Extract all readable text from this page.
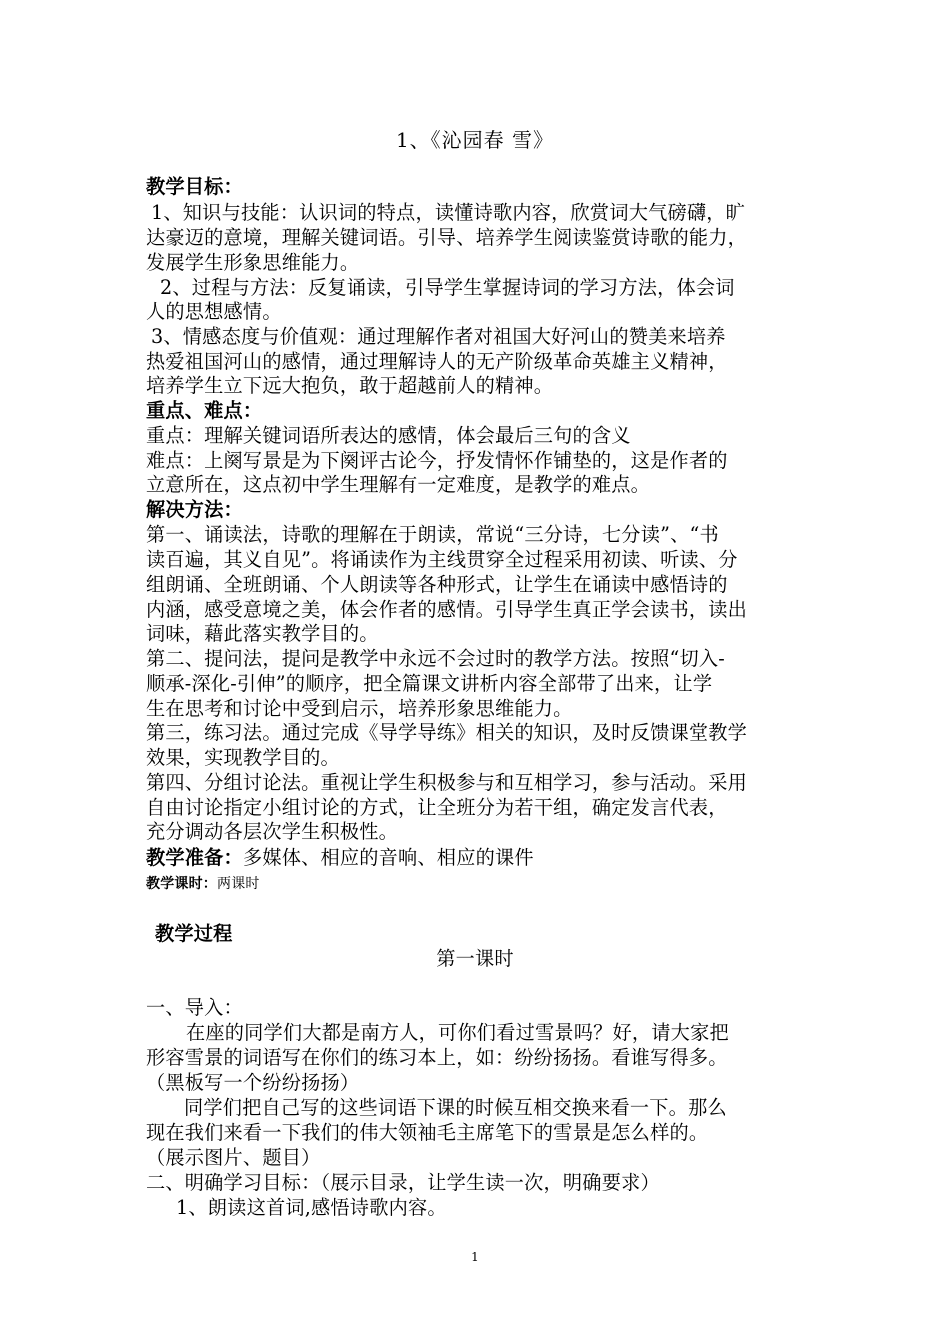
1、《沁园春 雪》
教学目标：
1、知识与技能：认识词的特点，读懂诗歌内容，欣赏词大气磅礴，旷
达豪迈的意境，理解关键词语。引导、培养学生阅读鉴赏诗歌的能力，
发展学生形象思维能力。
2、过程与方法：反复诵读，引导学生掌握诗词的学习方法，体会词
人的思想感情。
3、情感态度与价值观：通过理解作者对祖国大好河山的赞美来培养
热爱祖国河山的感情，通过理解诗人的无产阶级革命英雄主义精神，
培养学生立下远大抱负，敢于超越前人的精神。
重点、难点：
重点：理解关键词语所表达的感情，体会最后三句的含义
难点：上阕写景是为下阕评古论今，抒发情怀作铺垫的，这是作者的
立意所在，这点初中学生理解有一定难度，是教学的难点。
解决方法：
第一、诵读法，诗歌的理解在于朗读，常说“三分诗，七分读”、“书
读百遍，其义自见”。将诵读作为主线贯穿全过程采用初读、听读、分
组朗诵、全班朗诵、个人朗读等各种形式，让学生在诵读中感悟诗的
内涵，感受意境之美，体会作者的感情。引导学生真正学会读书，读出
词味，藉此落实教学目的。
第二、提问法，提问是教学中永远不会过时的教学方法。按照“切入-
顺承-深化-引伸”的顺序，把全篇课文讲析内容全部带了出来，让学
生在思考和讨论中受到启示，培养形象思维能力。
第三，练习法。通过完成《导学导练》相关的知识，及时反馈课堂教学
效果，实现教学目的。
第四、分组讨论法。重视让学生积极参与和互相学习，参与活动。采用
自由讨论指定小组讨论的方式，让全班分为若干组，确定发言代表，
充分调动各层次学生积极性。
教学准备：多媒体、相应的音响、相应的课件
教学课时：两课时
教学过程
第一课时
一、导入：
在座的同学们大都是南方人，可你们看过雪景吗？好，请大家把
形容雪景的词语写在你们的练习本上，如：纷纷扬扬。看谁写得多。
（黑板写一个纷纷扬扬）
同学们把自己写的这些词语下课的时候互相交换来看一下。那么
现在我们来看一下我们的伟大领袖毛主席笔下的雪景是怎么样的。
（展示图片、题目）
二、明确学习目标：（展示目录，让学生读一次，明确要求）
1、朗读这首词,感悟诗歌内容。
1
